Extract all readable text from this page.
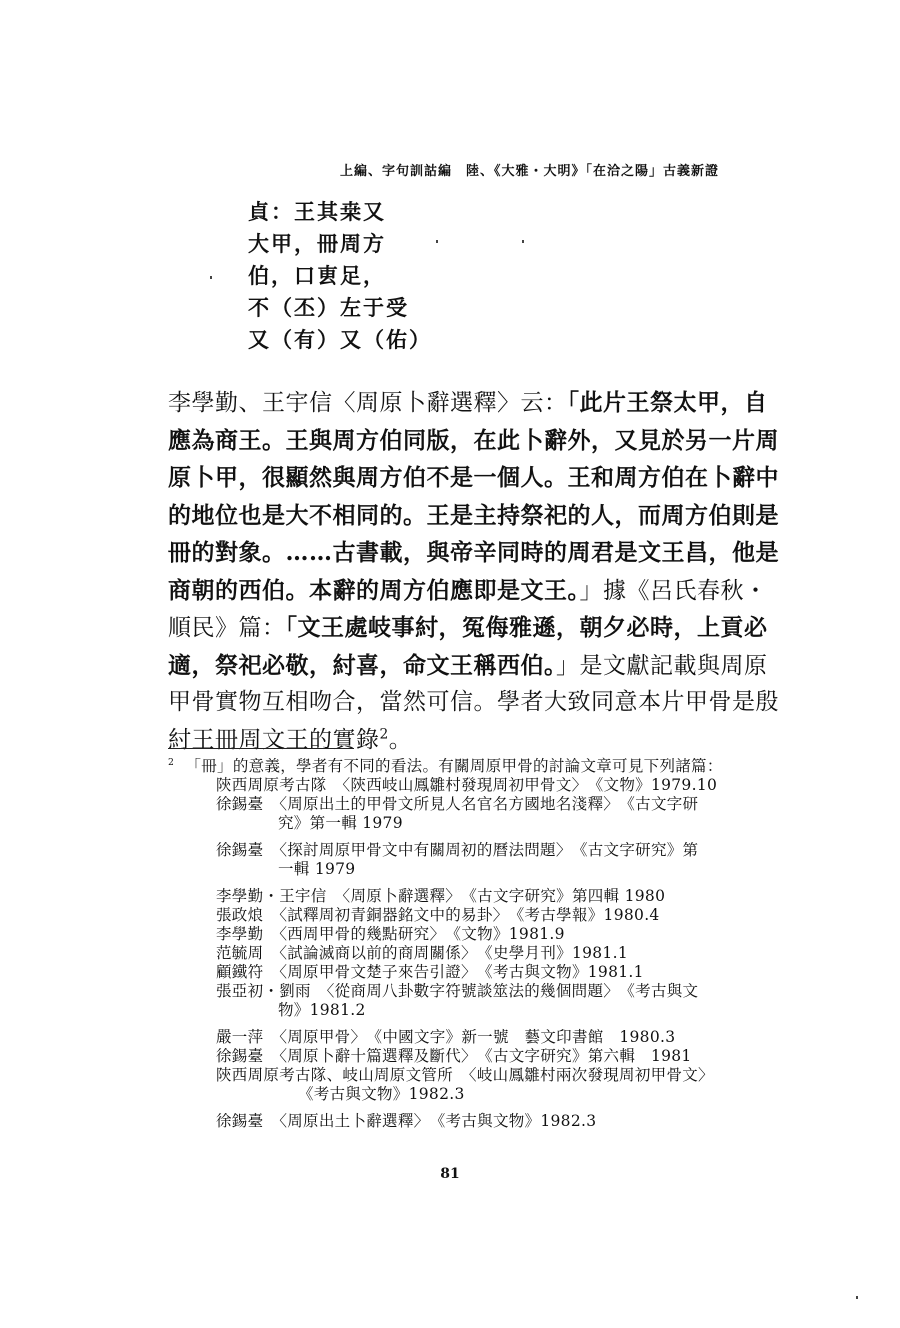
上編、字句訓詁編　陸、《大雅・大明》「在洽之陽」古義新證
貞：王其桒又
大甲，冊周方
伯，口叀足，
不（丕）左于受
又（有）又（佑）
李學勤、王宇信〈周原卜辭選釋〉云：「此片王祭太甲，自
應為商王。王與周方伯同版，在此卜辭外，又見於另一片周
原卜甲，很顯然與周方伯不是一個人。王和周方伯在卜辭中
的地位也是大不相同的。王是主持祭祀的人，而周方伯則是
冊的對象。……古書載，與帝辛同時的周君是文王昌，他是
商朝的西伯。本辭的周方伯應即是文王。」據《呂氏春秋・
順民》篇：「文王處岐事紂，冤侮雅遜，朝夕必時，上貢必
適，祭祀必敬，紂喜，命文王稱西伯。」是文獻記載與周原
甲骨實物互相吻合，當然可信。學者大致同意本片甲骨是殷
紂王冊周文王的實錄$^2$。
$^2$ 「冊」的意義，學者有不同的看法。有關周原甲骨的討論文章可見下列諸篇：
陝西周原考古隊　〈陝西岐山鳳雛村發現周初甲骨文〉　《文物》1979.10
徐錫臺　〈周原出土的甲骨文所見人名官名方國地名淺釋〉　《古文字研
究》第一輯 1979
徐錫臺　〈探討周原甲骨文中有關周初的曆法問題〉　《古文字研究》第
一輯 1979
李學勤・王宇信　〈周原卜辭選釋〉　《古文字研究》第四輯 1980
張政烺　〈試釋周初青銅器銘文中的易卦〉　《考古學報》1980.4
李學勤　〈西周甲骨的幾點研究〉　《文物》1981.9
范毓周　〈試論滅商以前的商周關係〉　《史學月刊》1981.1
顧鐵符　〈周原甲骨文楚子來告引證〉　《考古與文物》1981.1
張亞初・劉雨　〈從商周八卦數字符號談筮法的幾個問題〉　《考古與文
物》1981.2
嚴一萍　〈周原甲骨〉　《中國文字》新一號　藝文印書館　1980.3
徐錫臺　〈周原卜辭十篇選釋及斷代〉　《古文字研究》第六輯　1981
陝西周原考古隊、岐山周原文管所　〈岐山鳳雛村兩次發現周初甲骨文〉
《考古與文物》1982.3
徐錫臺　〈周原出土卜辭選釋〉　《考古與文物》1982.3
81
